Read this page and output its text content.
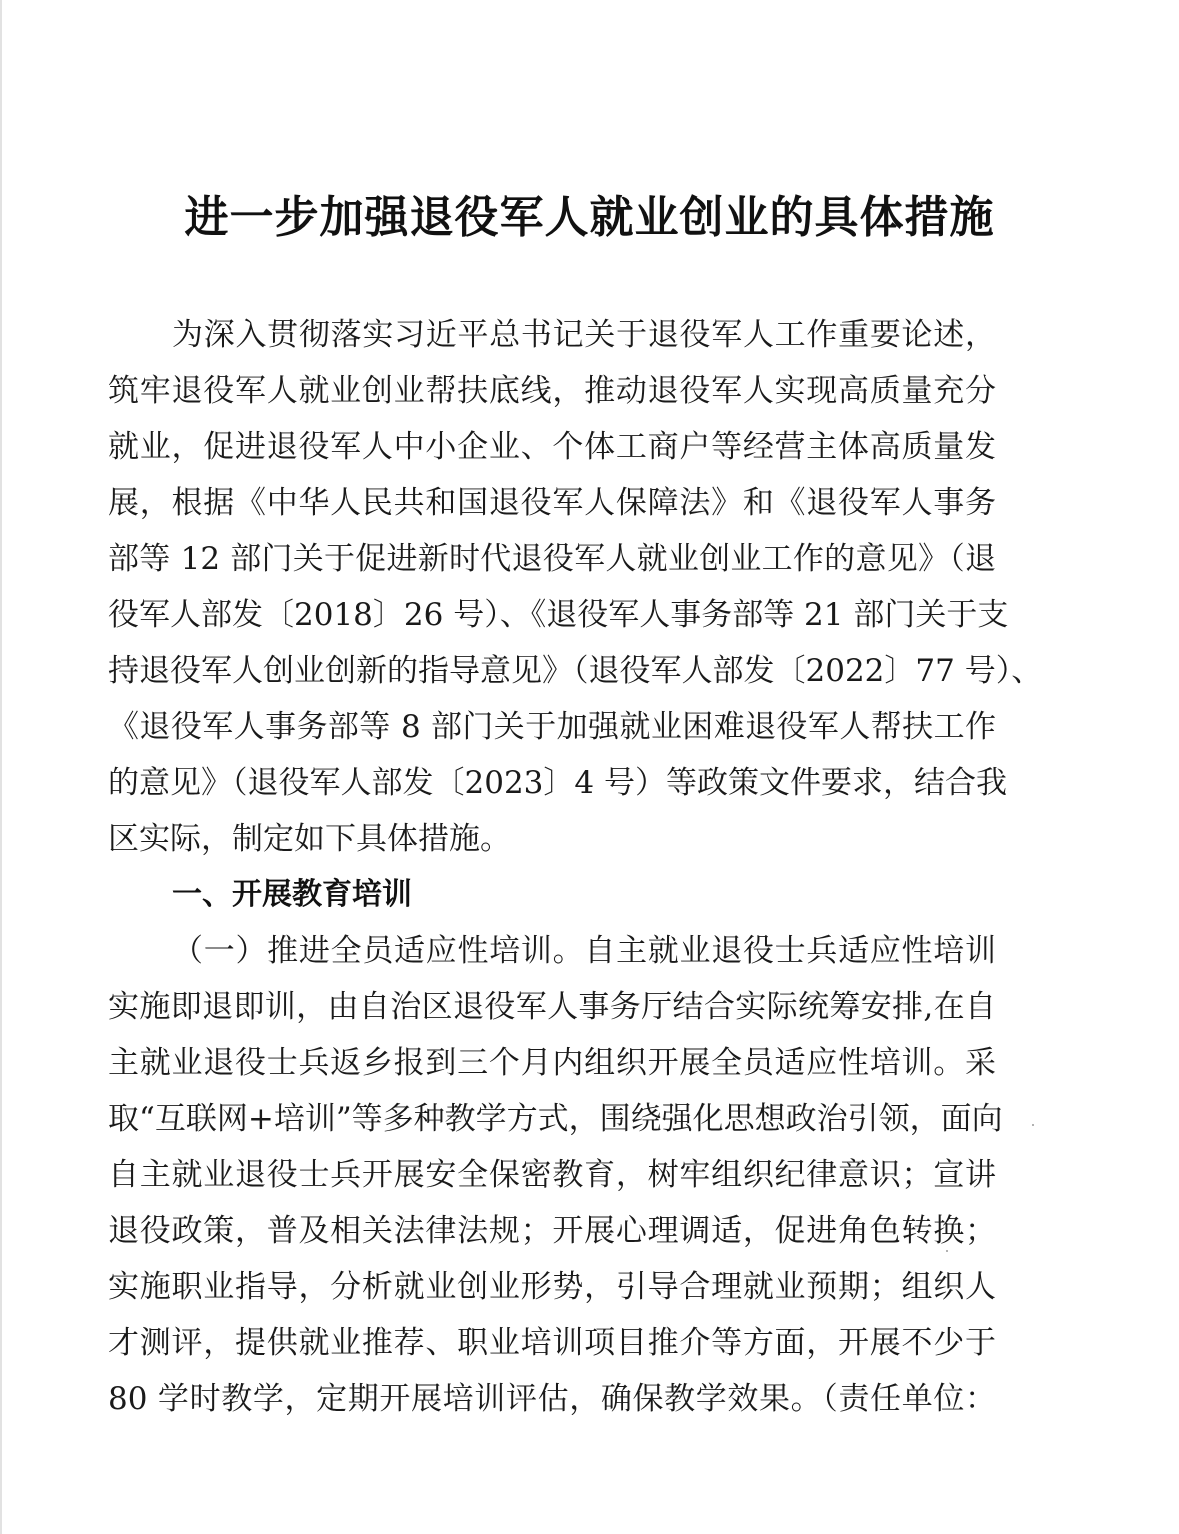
进一步加强退役军人就业创业的具体措施
为深入贯彻落实习近平总书记关于退役军人工作重要论述，
筑牢退役军人就业创业帮扶底线，推动退役军人实现高质量充分
就业，促进退役军人中小企业、个体工商户等经营主体高质量发
展，根据《中华人民共和国退役军人保障法》和《退役军人事务
部等 12 部门关于促进新时代退役军人就业创业工作的意见》（退
役军人部发〔2018〕26 号）、《退役军人事务部等 21 部门关于支
持退役军人创业创新的指导意见》（退役军人部发〔2022〕77 号）、
《退役军人事务部等 8 部门关于加强就业困难退役军人帮扶工作
的意见》（退役军人部发〔2023〕4 号）等政策文件要求，结合我
区实际，制定如下具体措施。
一、开展教育培训
（一）推进全员适应性培训。自主就业退役士兵适应性培训
实施即退即训，由自治区退役军人事务厅结合实际统筹安排,在自
主就业退役士兵返乡报到三个月内组织开展全员适应性培训。采
取“互联网+培训”等多种教学方式，围绕强化思想政治引领，面向
自主就业退役士兵开展安全保密教育，树牢组织纪律意识；宣讲
退役政策，普及相关法律法规；开展心理调适，促进角色转换；
实施职业指导，分析就业创业形势，引导合理就业预期；组织人
才测评，提供就业推荐、职业培训项目推介等方面，开展不少于
80 学时教学，定期开展培训评估，确保教学效果。（责任单位：
